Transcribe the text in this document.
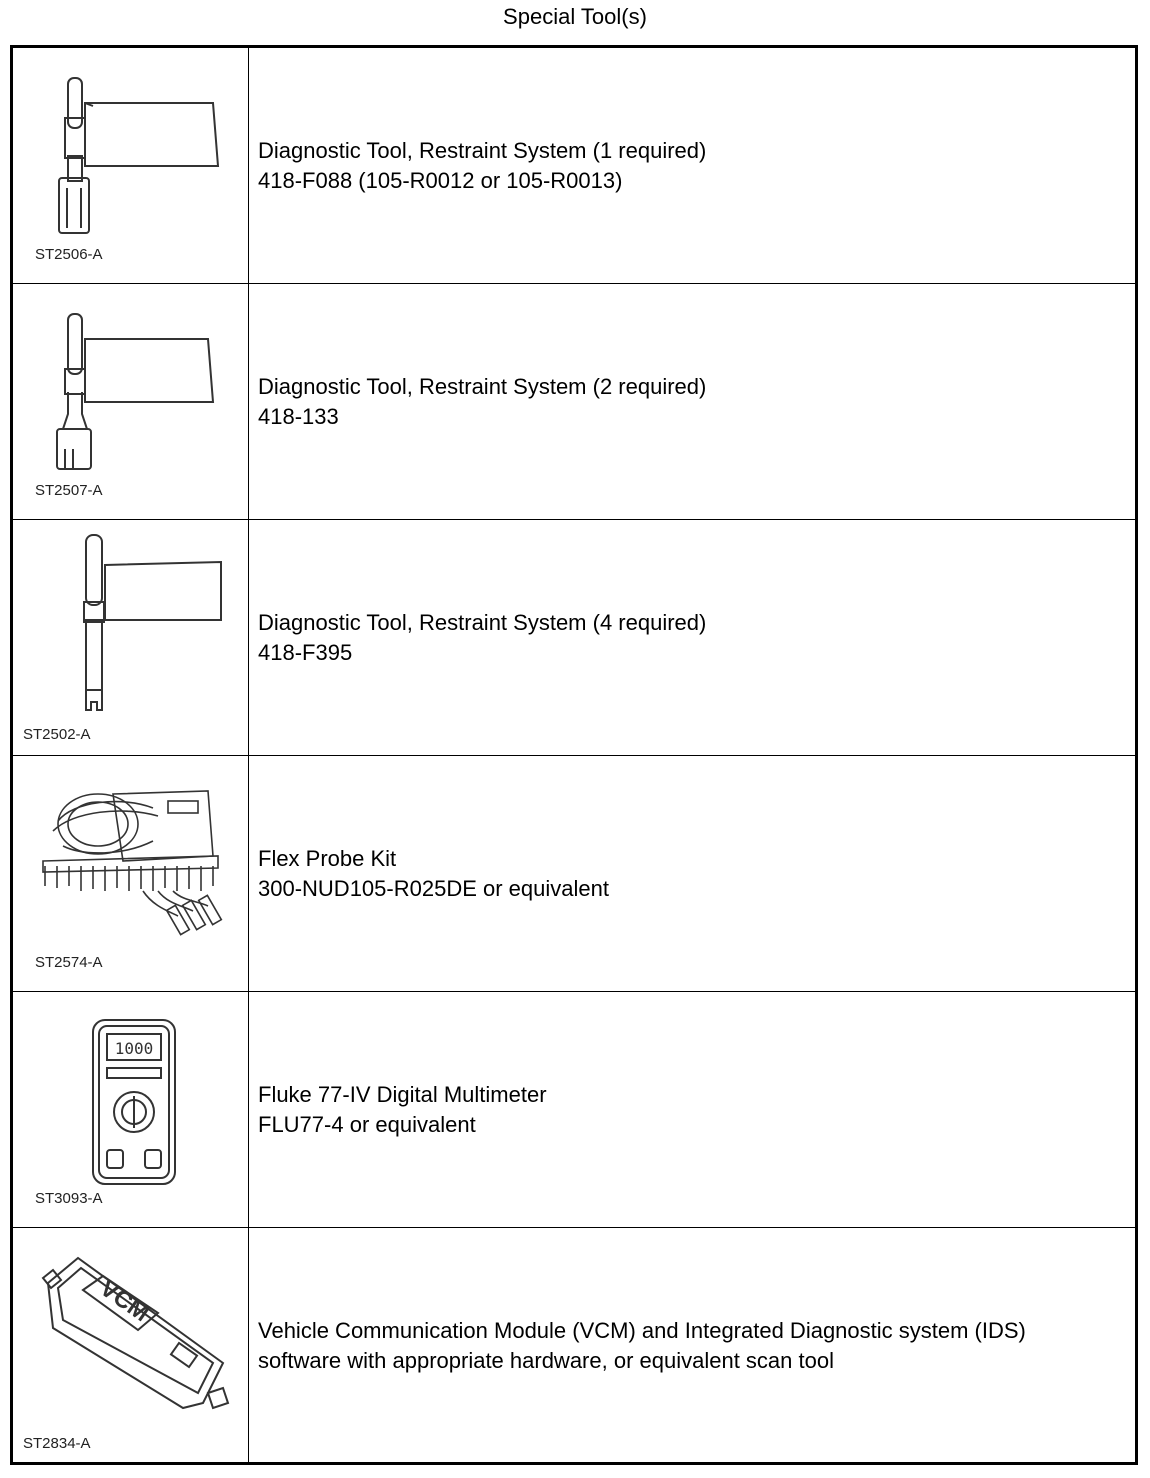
Special Tool(s)
ST2506-A
Diagnostic Tool, Restraint System (1 required)
418-F088 (105-R0012 or 105-R0013)
ST2507-A
Diagnostic Tool, Restraint System (2 required)
418-133
ST2502-A
Diagnostic Tool, Restraint System (4 required)
418-F395
ST2574-A
Flex Probe Kit
300-NUD105-R025DE or equivalent
1000
ST3093-A
Fluke 77-IV Digital Multimeter
FLU77-4 or equivalent
VCM
ST2834-A
Vehicle Communication Module (VCM) and Integrated Diagnostic system (IDS)
software with appropriate hardware, or equivalent scan tool
